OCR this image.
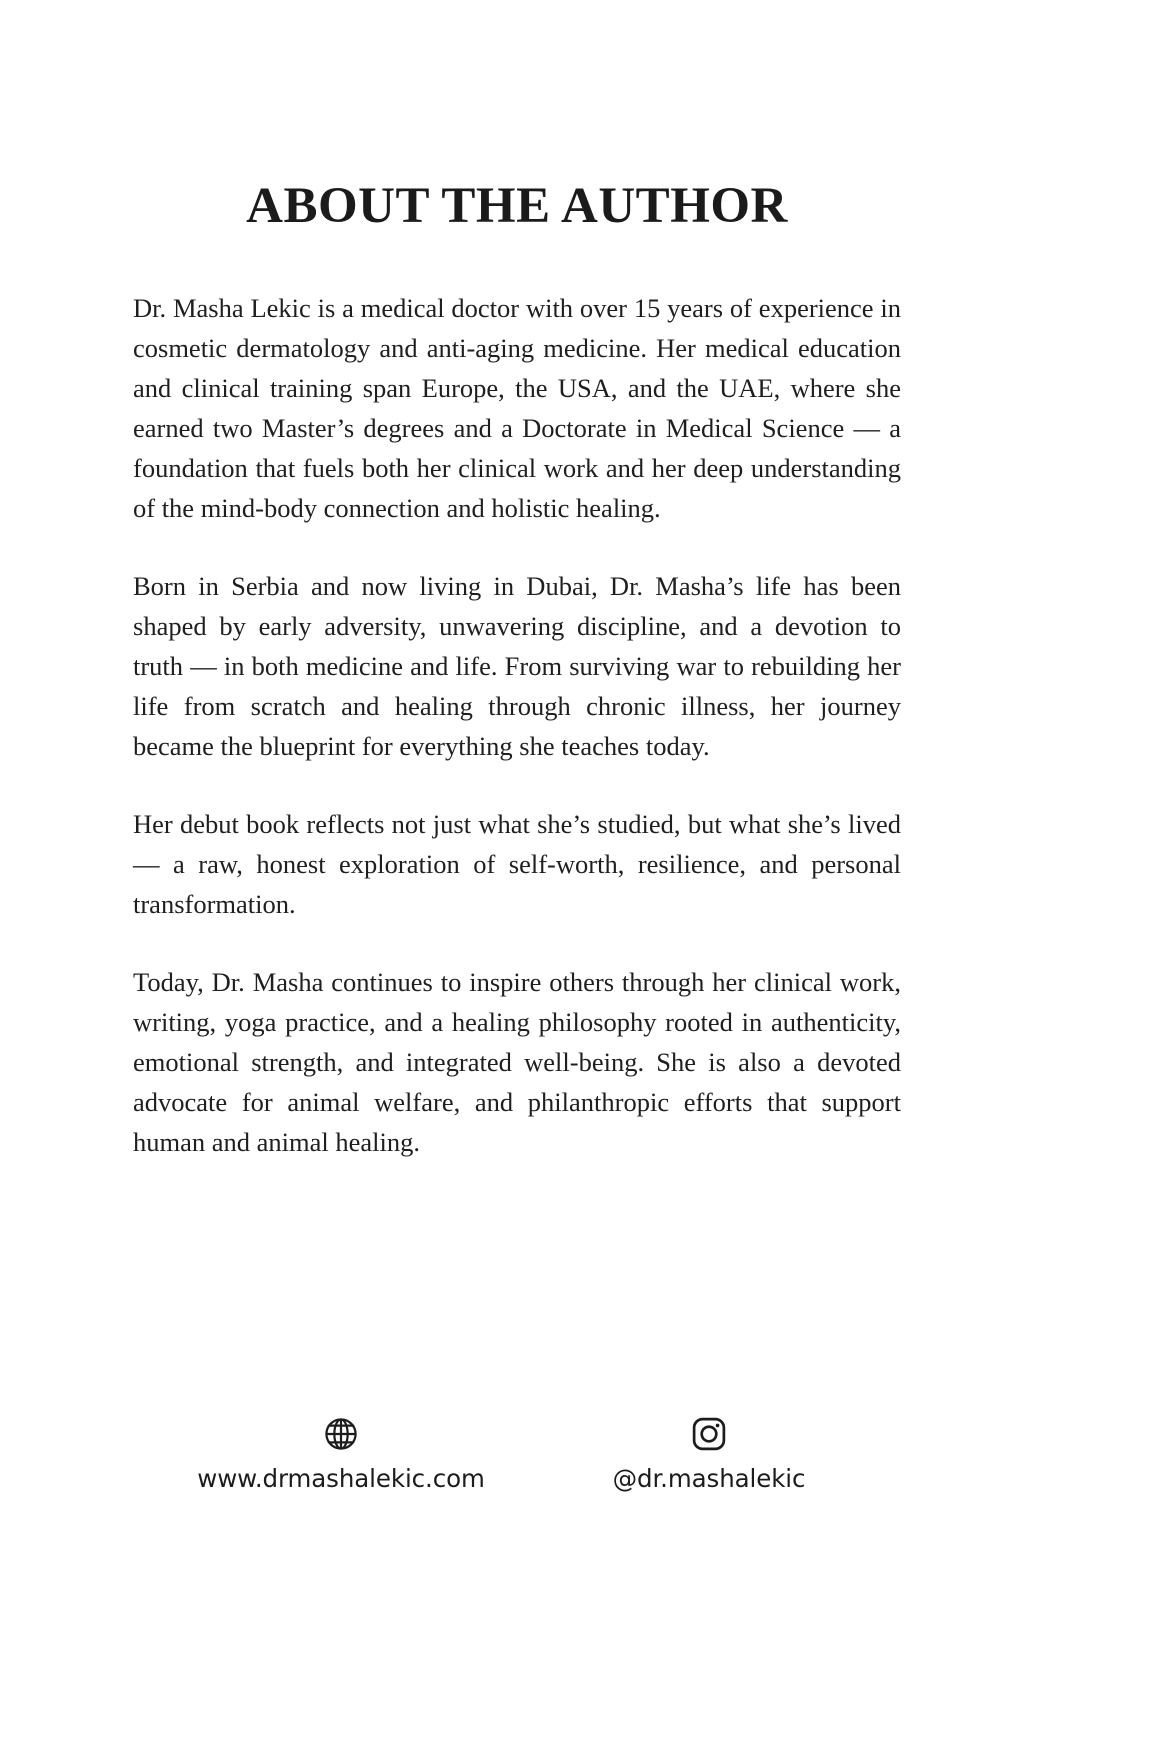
ABOUT THE AUTHOR

Dr. Masha Lekic is a medical doctor with over 15 years of experience in cosmetic dermatology and anti-aging medicine. Her medical education and clinical training span Europe, the USA, and the UAE, where she earned two Master’s degrees and a Doctorate in Medical Science — a foundation that fuels both her clinical work and her deep understanding of the mind-body connection and holistic healing.

Born in Serbia and now living in Dubai, Dr. Masha’s life has been shaped by early adversity, unwavering discipline, and a devotion to truth — in both medicine and life. From surviving war to rebuilding her life from scratch and healing through chronic illness, her journey became the blueprint for everything she teaches today.

Her debut book reflects not just what she’s studied, but what she’s lived — a raw, honest exploration of self-worth, resilience, and personal transformation.

Today, Dr. Masha continues to inspire others through her clinical work, writing, yoga practice, and a healing philosophy rooted in authenticity, emotional strength, and integrated well-being. She is also a devoted advocate for animal welfare, and philanthropic efforts that support human and animal healing.

www.drmashalekic.com	@dr.mashalekic
